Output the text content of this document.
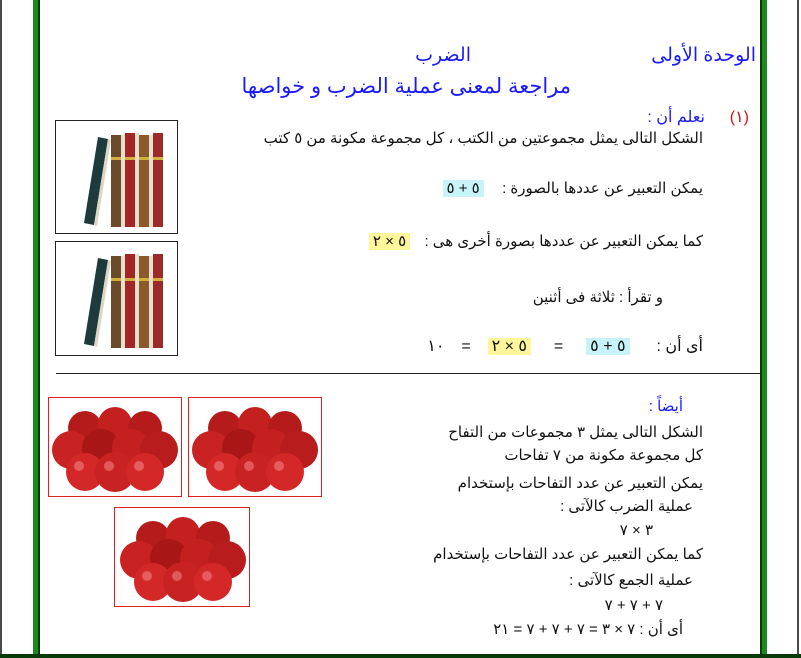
الوحدة الأولى
الضرب
مراجعة لمعنى عملية الضرب و خواصها
(١)
نعلم أن :
الشكل التالى يمثل مجموعتين من الكتب ، كل مجموعة مكونة من ٥ كتب
يمكن التعبير عن عددها بالصورة :  ٥ + ٥
كما يمكن التعبير عن عددها بصورة أخرى هى :  ٥ × ٢
و تقرأ : ثلاثة فى أثنين
أى أن :  ٥ + ٥  =  ٥ × ٢  =  ١٠
أيضاً :
الشكل التالى يمثل ٣ مجموعات من التفاح
كل مجموعة مكونة من ٧ تفاحات
يمكن التعبير عن عدد التفاحات بإستخدام
عملية الضرب كالآتى :
٣ × ٧
كما يمكن التعبير عن عدد التفاحات بإستخدام
عملية الجمع كالآتى :
٧ + ٧ + ٧
أى أن : ٧ × ٣ = ٧ + ٧ + ٧ = ٢١
